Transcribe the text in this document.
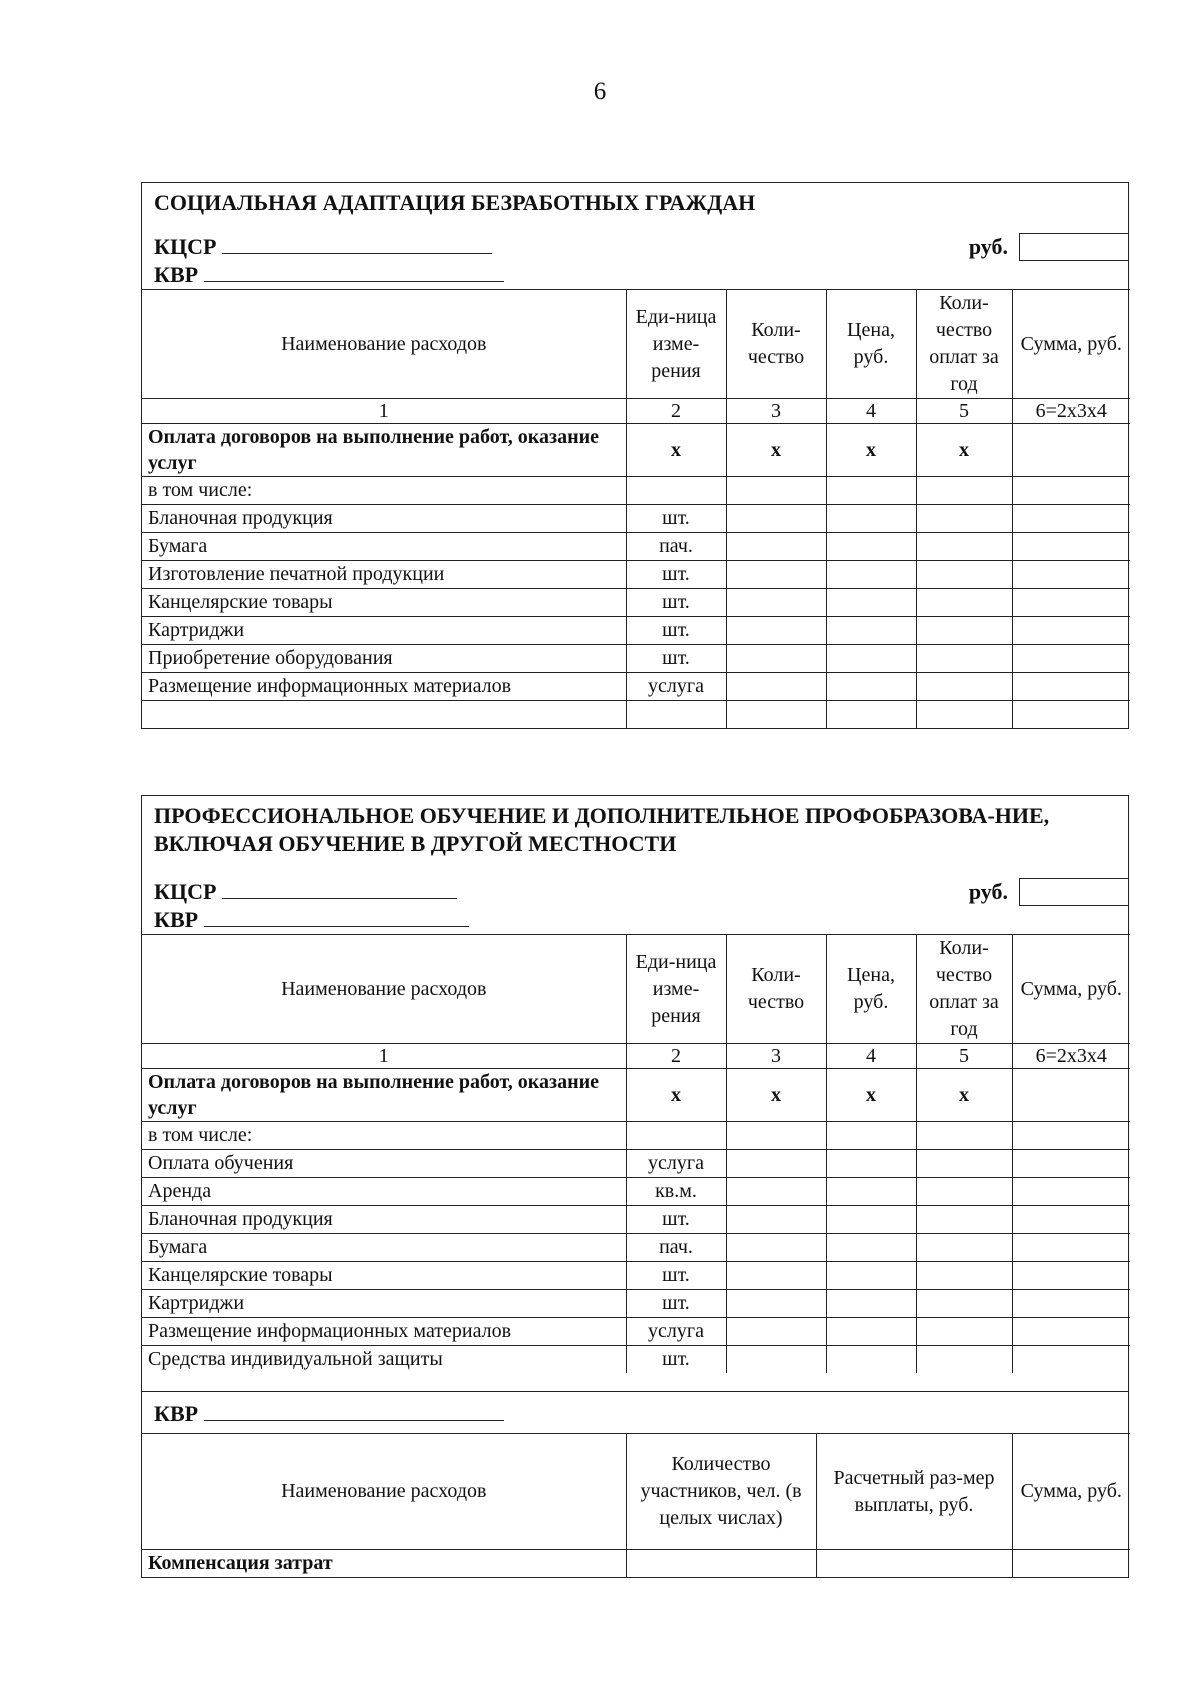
6
СОЦИАЛЬНАЯ АДАПТАЦИЯ БЕЗРАБОТНЫХ ГРАЖДАН
КЦСР
КВР
руб.
Наименование расходов	Еди-ница изме-рения	Коли-чество	Цена, руб.	Коли-чество оплат за год	Сумма, руб.
1	2	3	4	5	6=2х3х4
Оплата договоров на выполнение работ, оказание услуг	х	х	х	х	
в том числе:					
Бланочная продукция	шт.				
Бумага	пач.				
Изготовление печатной продукции	шт.				
Канцелярские товары	шт.				
Картриджи	шт.				
Приобретение оборудования	шт.				
Размещение информационных материалов	услуга				

ПРОФЕССИОНАЛЬНОЕ ОБУЧЕНИЕ И ДОПОЛНИТЕЛЬНОЕ ПРОФОБРАЗОВА-НИЕ, ВКЛЮЧАЯ ОБУЧЕНИЕ В ДРУГОЙ МЕСТНОСТИ
КЦСР
КВР
руб.
Наименование расходов	Еди-ница изме-рения	Коли-чество	Цена, руб.	Коли-чество оплат за год	Сумма, руб.
1	2	3	4	5	6=2х3х4
Оплата договоров на выполнение работ, оказание услуг	х	х	х	х	
в том числе:					
Оплата обучения	услуга				
Аренда	кв.м.				
Бланочная продукция	шт.				
Бумага	пач.				
Канцелярские товары	шт.				
Картриджи	шт.				
Размещение информационных материалов	услуга				
Средства индивидуальной защиты	шт.				
КВР
Наименование расходов	Количество участников, чел. (в целых числах)	Расчетный раз-мер выплаты, руб.	Сумма, руб.
Компенсация затрат			
